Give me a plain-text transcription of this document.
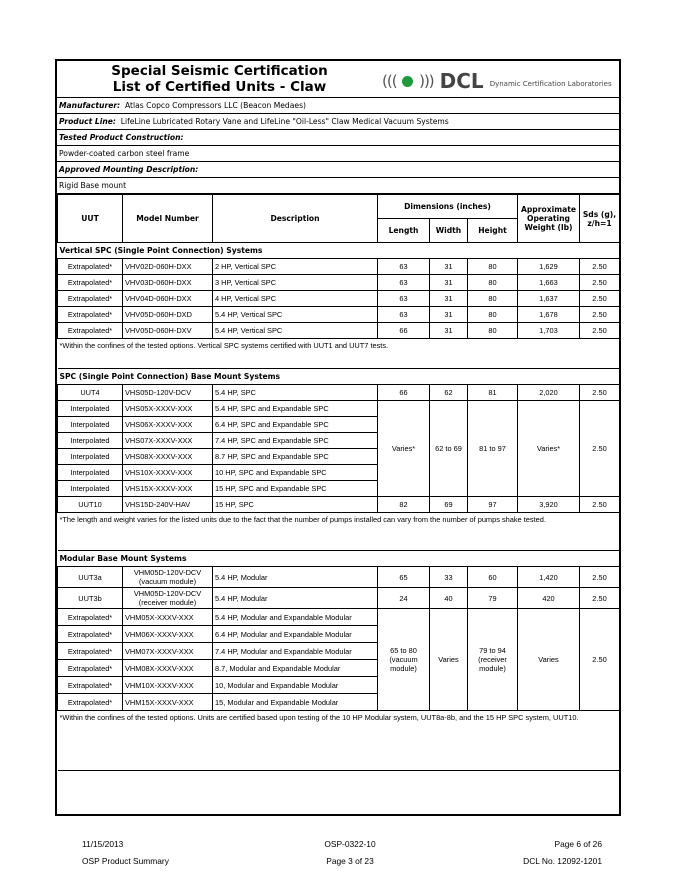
Special Seismic Certification
List of Certified Units - Claw	(((  ))) DCL Dynamic Certification Laboratories
Manufacturer: Atlas Copco Compressors LLC (Beacon Medaes)
Product Line: LifeLine Lubricated Rotary Vane and LifeLine "Oil-Less" Claw Medical Vacuum Systems
Tested Product Construction:
Powder-coated carbon steel frame
Approved Mounting Description:
Rigid Base mount
UUT	Model Number	Description	Dimensions (inches)			Approximate Operating Weight (lb)	Sds (g), z/h=1
			Length	Width	Height		
Vertical SPC (Single Point Connection) Systems							
Extrapolated*	VHV02D-060H-DXX	2 HP, Vertical SPC	63	31	80	1,629	2.50
Extrapolated*	VHV03D-060H-DXX	3 HP, Vertical SPC	63	31	80	1,663	2.50
Extrapolated*	VHV04D-060H-DXX	4 HP, Vertical SPC	63	31	80	1,637	2.50
Extrapolated*	VHV05D-060H-DXD	5.4 HP, Vertical SPC	63	31	80	1,678	2.50
Extrapolated*	VHV05D-060H-DXV	5.4 HP, Vertical SPC	66	31	80	1,703	2.50
*Within the confines of the tested options. Vertical SPC systems certified with UUT1 and UUT7 tests.							
SPC (Single Point Connection) Base Mount Systems							
UUT4	VHS05D-120V-DCV	5.4 HP, SPC	66	62	81	2,020	2.50
Interpolated	VHS05X-XXXV-XXX	5.4 HP, SPC and Expandable SPC	Varies*	62 to 69	81 to 97	Varies*	2.50
Interpolated	VHS06X-XXXV-XXX	6.4 HP, SPC and Expandable SPC					
Interpolated	VHS07X-XXXV-XXX	7.4 HP, SPC and Expandable SPC					
Interpolated	VHS08X-XXXV-XXX	8.7 HP, SPC and Expandable SPC					
Interpolated	VHS10X-XXXV-XXX	10 HP, SPC and Expandable SPC					
Interpolated	VHS15X-XXXV-XXX	15 HP, SPC and Expandable SPC					
UUT10	VHS15D-240V-HAV	15 HP, SPC	82	69	97	3,920	2.50
*The length and weight varies for the listed units due to the fact that the number of pumps installed can vary from the number of pumps shake tested.							
Modular Base Mount Systems							
UUT3a	VHM05D-120V-DCV
(vacuum module)	5.4 HP, Modular	65	33	60	1,420	2.50
UUT3b	VHM05D-120V-DCV
(receiver module)	5.4 HP, Modular	24	40	79	420	2.50
Extrapolated*	VHM05X-XXXV-XXX	5.4 HP, Modular and Expandable Modular	65 to 80 (vacuum module)	Varies	79 to 94 (receiver module)	Varies	2.50
Extrapolated*	VHM06X-XXXV-XXX	6.4 HP, Modular and Expandable Modular					
Extrapolated*	VHM07X-XXXV-XXX	7.4 HP, Modular and Expandable Modular					
Extrapolated*	VHM08X-XXXV-XXX	8.7, Modular and Expandable Modular					
Extrapolated*	VHM10X-XXXV-XXX	10, Modular and Expandable Modular					
Extrapolated*	VHM15X-XXXV-XXX	15, Modular and Expandable Modular					
*Within the confines of the tested options. Units are certified based upon testing of the 10 HP Modular system, UUT8a-8b, and the 15 HP SPC system, UUT10.							
11/15/2013
OSP Product Summary
OSP-0322-10
Page 3 of 23
Page 6 of 26
DCL No. 12092-1201
